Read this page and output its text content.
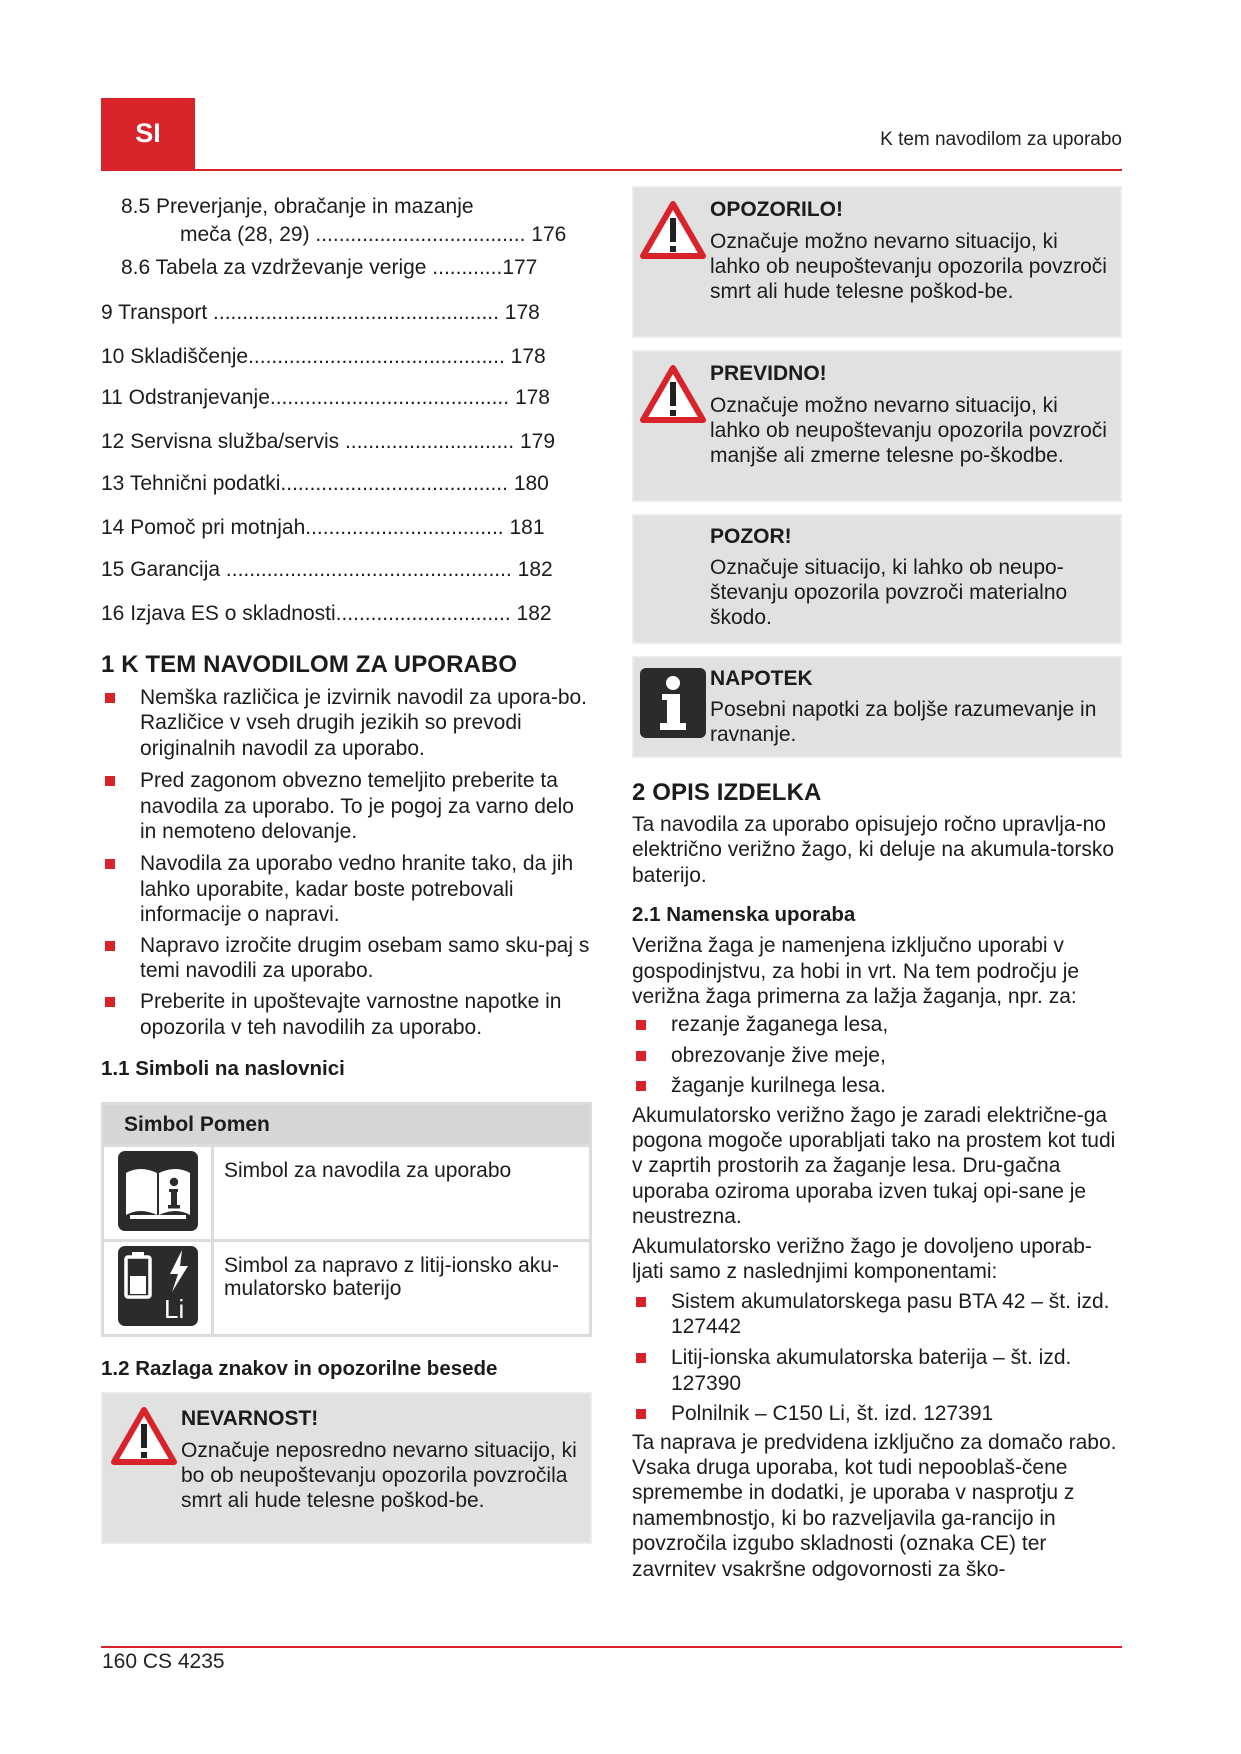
SI	K tem navodilom za uporabo
8.5 Preverjanje, obračanje in mazanje
meča (28, 29) .................................... 176
8.6 Tabela za vzdrževanje verige ............177
9 Transport ................................................. 178
10 Skladiščenje............................................ 178
11 Odstranjevanje......................................... 178
12 Servisna služba/servis ............................. 179
13 Tehnični podatki....................................... 180
14 Pomoč pri motnjah.................................. 181
15 Garancija ................................................. 182
16 Izjava ES o skladnosti.............................. 182
1 K TEM NAVODILOM ZA UPORABO
Nemška različica je izvirnik navodil za upora-bo. Različice v vseh drugih jezikih so prevodi originalnih navodil za uporabo.
Pred zagonom obvezno temeljito preberite ta navodila za uporabo. To je pogoj za varno delo in nemoteno delovanje.
Navodila za uporabo vedno hranite tako, da jih lahko uporabite, kadar boste potrebovali informacije o napravi.
Napravo izročite drugim osebam samo sku-paj s temi navodili za uporabo.
Preberite in upoštevajte varnostne napotke in opozorila v teh navodilih za uporabo.
1.1 Simboli na naslovnici
Simbol Pomen	
	Simbol za navodila za uporabo

Li	Simbol za napravo z litij-ionsko aku-mulatorsko baterijo
1.2 Razlaga znakov in opozorilne besede
NEVARNOST!
Označuje neposredno nevarno situacijo, ki bo ob neupoštevanju opozorila povzročila smrt ali hude telesne poškod-be.
OPOZORILO!
Označuje možno nevarno situacijo, ki lahko ob neupoštevanju opozorila povzroči smrt ali hude telesne poškod-be.
PREVIDNO!
Označuje možno nevarno situacijo, ki lahko ob neupoštevanju opozorila povzroči manjše ali zmerne telesne po-škodbe.
POZOR!
Označuje situacijo, ki lahko ob neupo-števanju opozorila povzroči materialno škodo.
NAPOTEK
Posebni napotki za boljše razumevanje in ravnanje.
2 OPIS IZDELKA

Ta navodila za uporabo opisujejo ročno upravlja-no električno verižno žago, ki deluje na akumula-torsko baterijo.

2.1 Namenska uporaba

Verižna žaga je namenjena izključno uporabi v gospodinjstvu, za hobi in vrt. Na tem področju je verižna žaga primerna za lažja žaganja, npr. za:

rezanje žaganega lesa,
obrezovanje žive meje,
žaganje kurilnega lesa.

Akumulatorsko verižno žago je zaradi električne-ga pogona mogoče uporabljati tako na prostem kot tudi v zaprtih prostorih za žaganje lesa. Dru-gačna uporaba oziroma uporaba izven tukaj opi-sane je neustrezna.

Akumulatorsko verižno žago je dovoljeno uporab-ljati samo z naslednjimi komponentami:

Sistem akumulatorskega pasu BTA 42 – št. izd. 127442
Litij-ionska akumulatorska baterija – št. izd. 127390
Polnilnik – C150 Li, št. izd. 127391

Ta naprava je predvidena izključno za domačo rabo. Vsaka druga uporaba, kot tudi nepooblaš-čene spremembe in dodatki, je uporaba v nasprotju z namembnostjo, ki bo razveljavila ga-rancijo in povzročila izgubo skladnosti (oznaka CE) ter zavrnitev vsakršne odgovornosti za ško-

160 CS 4235
